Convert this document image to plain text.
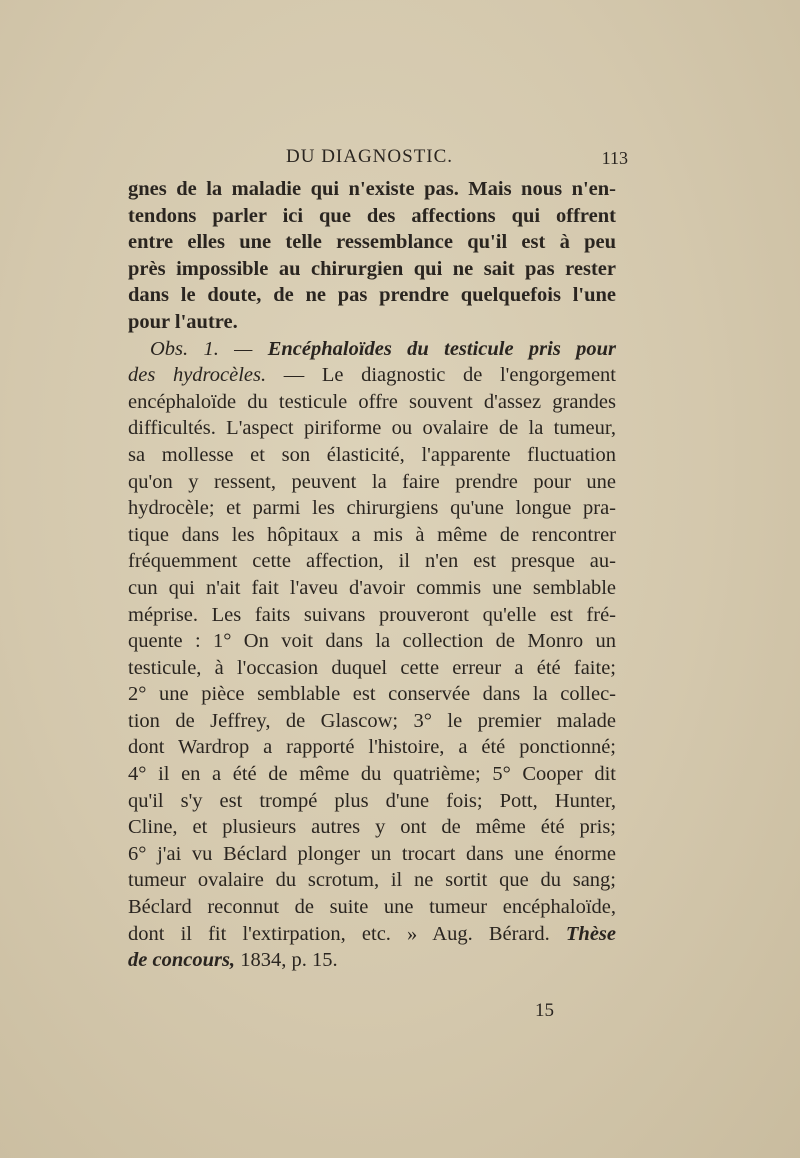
DU DIAGNOSTIC.	113
gnes de la maladie qui n'existe pas. Mais nous n'en-
tendons parler ici que des affections qui offrent
entre elles une telle ressemblance qu'il est à peu
près impossible au chirurgien qui ne sait pas rester
dans le doute, de ne pas prendre quelquefois l'une
pour l'autre.
Obs. 1. — Encéphaloïdes du testicule pris pour
des hydrocèles. — Le diagnostic de l'engorgement
encéphaloïde du testicule offre souvent d'assez grandes
difficultés. L'aspect piriforme ou ovalaire de la tumeur,
sa mollesse et son élasticité, l'apparente fluctuation
qu'on y ressent, peuvent la faire prendre pour une
hydrocèle; et parmi les chirurgiens qu'une longue pra-
tique dans les hôpitaux a mis à même de rencontrer
fréquemment cette affection, il n'en est presque au-
cun qui n'ait fait l'aveu d'avoir commis une semblable
méprise. Les faits suivans prouveront qu'elle est fré-
quente : 1° On voit dans la collection de Monro un
testicule, à l'occasion duquel cette erreur a été faite;
2° une pièce semblable est conservée dans la collec-
tion de Jeffrey, de Glascow; 3° le premier malade
dont Wardrop a rapporté l'histoire, a été ponctionné;
4° il en a été de même du quatrième; 5° Cooper dit
qu'il s'y est trompé plus d'une fois; Pott, Hunter,
Cline, et plusieurs autres y ont de même été pris;
6° j'ai vu Béclard plonger un trocart dans une énorme
tumeur ovalaire du scrotum, il ne sortit que du sang;
Béclard reconnut de suite une tumeur encéphaloïde,
dont il fit l'extirpation, etc. » Aug. Bérard. Thèse
de concours, 1834, p. 15.
15
